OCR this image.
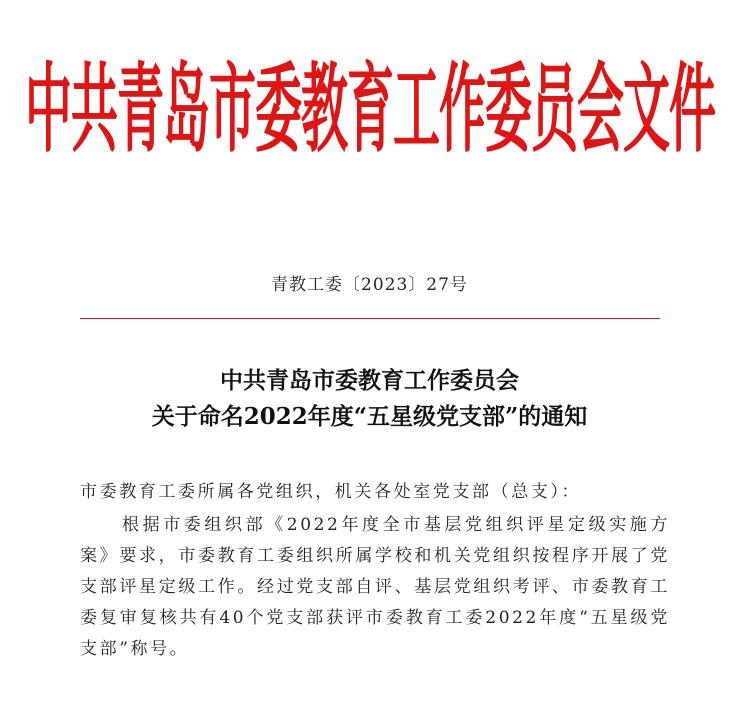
中共青岛市委教育工作委员会文件
青教工委〔2023〕27号
中共青岛市委教育工作委员会
关于命名2022年度“五星级党支部”的通知
市委教育工委所属各党组织，机关各处室党支部（总支）：
根据市委组织部《2022年度全市基层党组织评星定级实施方案》要求，市委教育工委组织所属学校和机关党组织按程序开展了党支部评星定级工作。经过党支部自评、基层党组织考评、市委教育工委复审复核共有40个党支部获评市委教育工委2022年度“五星级党支部”称号。
